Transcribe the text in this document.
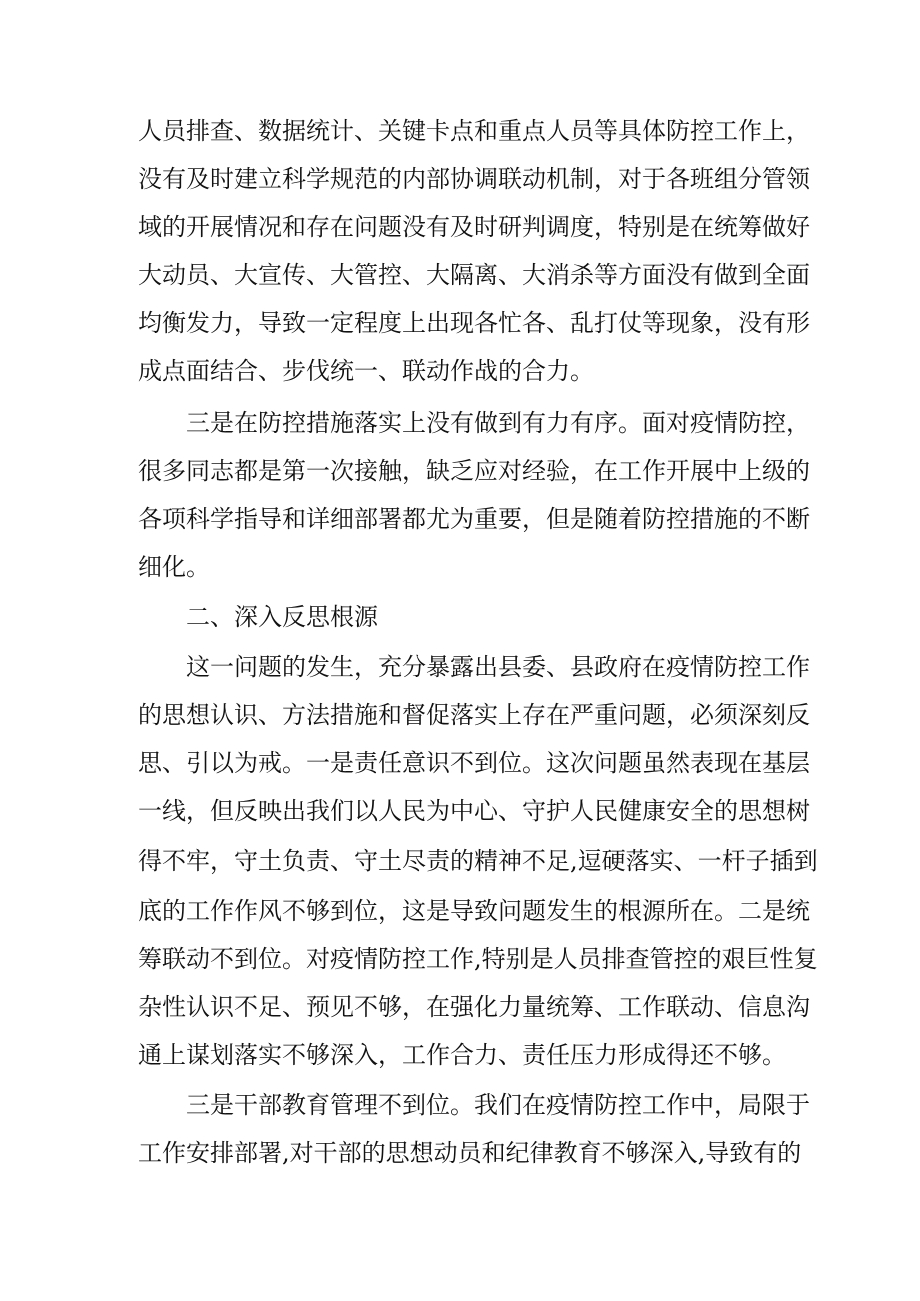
人员排查、数据统计、关键卡点和重点人员等具体防控工作上，
没有及时建立科学规范的内部协调联动机制，对于各班组分管领
域的开展情况和存在问题没有及时研判调度，特别是在统筹做好
大动员、大宣传、大管控、大隔离、大消杀等方面没有做到全面
均衡发力，导致一定程度上出现各忙各、乱打仗等现象，没有形
成点面结合、步伐统一、联动作战的合力。
三是在防控措施落实上没有做到有力有序。面对疫情防控，
很多同志都是第一次接触，缺乏应对经验，在工作开展中上级的
各项科学指导和详细部署都尤为重要，但是随着防控措施的不断
细化。
二、深入反思根源
这一问题的发生，充分暴露出县委、县政府在疫情防控工作
的思想认识、方法措施和督促落实上存在严重问题，必须深刻反
思、引以为戒。一是责任意识不到位。这次问题虽然表现在基层
一线，但反映出我们以人民为中心、守护人民健康安全的思想树
得不牢，守土负责、守土尽责的精神不足,逗硬落实、一杆子插到
底的工作作风不够到位，这是导致问题发生的根源所在。二是统
筹联动不到位。对疫情防控工作,特别是人员排查管控的艰巨性复
杂性认识不足、预见不够，在强化力量统筹、工作联动、信息沟
通上谋划落实不够深入，工作合力、责任压力形成得还不够。
三是干部教育管理不到位。我们在疫情防控工作中，局限于
工作安排部署,对干部的思想动员和纪律教育不够深入,导致有的
